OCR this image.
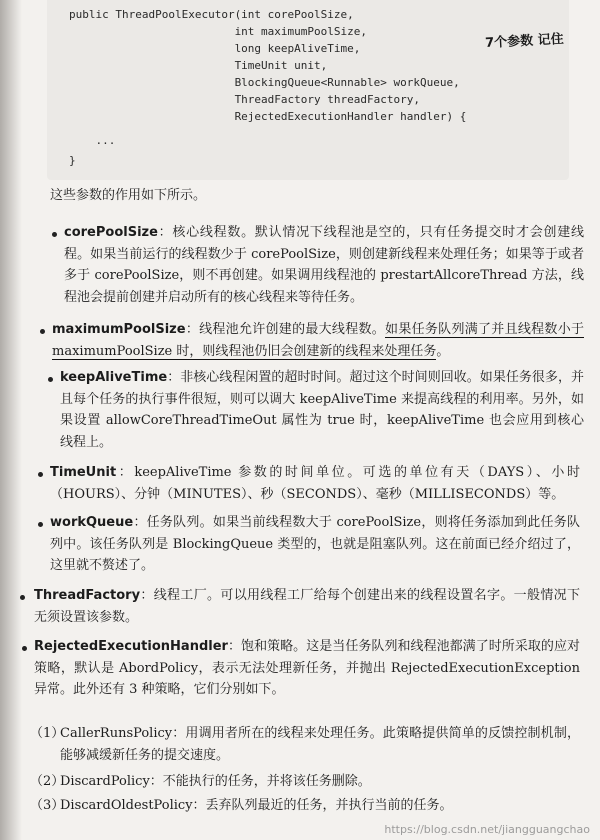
public ThreadPoolExecutor(int corePoolSize,
int maximumPoolSize,
long keepAliveTime,
TimeUnit unit,
BlockingQueue<Runnable> workQueue,
ThreadFactory threadFactory,
RejectedExecutionHandler handler) {
...
}

7个参数 记住

这些参数的作用如下所示。

corePoolSize：核心线程数。默认情况下线程池是空的，只有任务提交时才会创建线程。如果当前运行的线程数少于 corePoolSize，则创建新线程来处理任务；如果等于或者多于 corePoolSize，则不再创建。如果调用线程池的 prestartAllcoreThread 方法，线程池会提前创建并启动所有的核心线程来等待任务。

maximumPoolSize：线程池允许创建的最大线程数。如果任务队列满了并且线程数小于 maximumPoolSize 时，则线程池仍旧会创建新的线程来处理任务。

keepAliveTime：非核心线程闲置的超时时间。超过这个时间则回收。如果任务很多，并且每个任务的执行事件很短，则可以调大 keepAliveTime 来提高线程的利用率。另外，如果设置 allowCoreThreadTimeOut 属性为 true 时，keepAliveTime 也会应用到核心线程上。

TimeUnit：keepAliveTime 参数的时间单位。可选的单位有天（DAYS）、小时（HOURS）、分钟（MINUTES）、秒（SECONDS）、毫秒（MILLISECONDS）等。

workQueue：任务队列。如果当前线程数大于 corePoolSize，则将任务添加到此任务队列中。该任务队列是 BlockingQueue 类型的，也就是阻塞队列。这在前面已经介绍过了，这里就不赘述了。

ThreadFactory：线程工厂。可以用线程工厂给每个创建出来的线程设置名字。一般情况下无须设置该参数。

RejectedExecutionHandler：饱和策略。这是当任务队列和线程池都满了时所采取的应对策略，默认是 AbordPolicy，表示无法处理新任务，并抛出 RejectedExecutionException 异常。此外还有 3 种策略，它们分别如下。

（1）
CallerRunsPolicy：用调用者所在的线程来处理任务。此策略提供简单的反馈控制机制，能够减缓新任务的提交速度。
（2）
DiscardPolicy：不能执行的任务，并将该任务删除。
（3）
DiscardOldestPolicy：丢弃队列最近的任务，并执行当前的任务。

https://blog.csdn.net/jiangguangchao
